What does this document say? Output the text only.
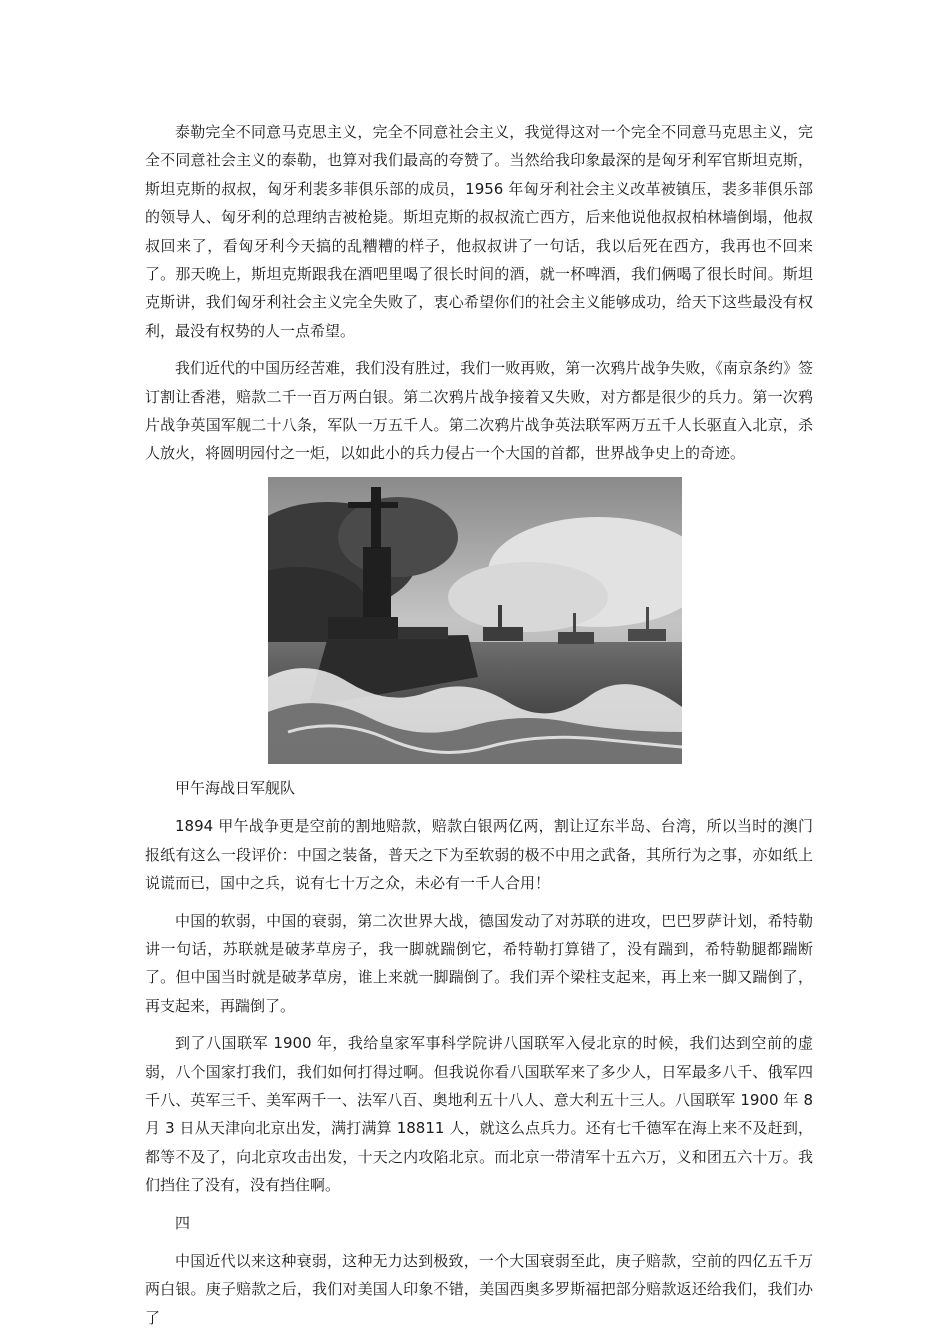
泰勒完全不同意马克思主义，完全不同意社会主义，我觉得这对一个完全不同意马克思主义，完全不同意社会主义的泰勒，也算对我们最高的夸赞了。当然给我印象最深的是匈牙利军官斯坦克斯，斯坦克斯的叔叔，匈牙利裴多菲俱乐部的成员，1956 年匈牙利社会主义改革被镇压，裴多菲俱乐部的领导人、匈牙利的总理纳吉被枪毙。斯坦克斯的叔叔流亡西方，后来他说他叔叔柏林墙倒塌，他叔叔回来了，看匈牙利今天搞的乱糟糟的样子，他叔叔讲了一句话，我以后死在西方，我再也不回来了。那天晚上，斯坦克斯跟我在酒吧里喝了很长时间的酒，就一杯啤酒，我们俩喝了很长时间。斯坦克斯讲，我们匈牙利社会主义完全失败了，衷心希望你们的社会主义能够成功，给天下这些最没有权利，最没有权势的人一点希望。

我们近代的中国历经苦难，我们没有胜过，我们一败再败，第一次鸦片战争失败，《南京条约》签订割让香港，赔款二千一百万两白银。第二次鸦片战争接着又失败，对方都是很少的兵力。第一次鸦片战争英国军舰二十八条，军队一万五千人。第二次鸦片战争英法联军两万五千人长驱直入北京，杀人放火，将圆明园付之一炬，以如此小的兵力侵占一个大国的首都，世界战争史上的奇迹。

甲午海战日军舰队

1894 甲午战争更是空前的割地赔款，赔款白银两亿两，割让辽东半岛、台湾，所以当时的澳门报纸有这么一段评价：中国之装备，普天之下为至软弱的极不中用之武备，其所行为之事，亦如纸上说谎而已，国中之兵，说有七十万之众，未必有一千人合用！

中国的软弱，中国的衰弱，第二次世界大战，德国发动了对苏联的进攻，巴巴罗萨计划，希特勒讲一句话，苏联就是破茅草房子，我一脚就踹倒它，希特勒打算错了，没有踹到，希特勒腿都踹断了。但中国当时就是破茅草房，谁上来就一脚踹倒了。我们弄个梁柱支起来，再上来一脚又踹倒了，再支起来，再踹倒了。

到了八国联军 1900 年，我给皇家军事科学院讲八国联军入侵北京的时候，我们达到空前的虚弱，八个国家打我们，我们如何打得过啊。但我说你看八国联军来了多少人，日军最多八千、俄军四千八、英军三千、美军两千一、法军八百、奥地利五十八人、意大利五十三人。八国联军 1900 年 8 月 3 日从天津向北京出发，满打满算 18811 人，就这么点兵力。还有七千德军在海上来不及赶到，都等不及了，向北京攻击出发，十天之内攻陷北京。而北京一带清军十五六万，义和团五六十万。我们挡住了没有，没有挡住啊。

四

中国近代以来这种衰弱，这种无力达到极致，一个大国衰弱至此，庚子赔款，空前的四亿五千万两白银。庚子赔款之后，我们对美国人印象不错，美国西奥多罗斯福把部分赔款返还给我们，我们办了
